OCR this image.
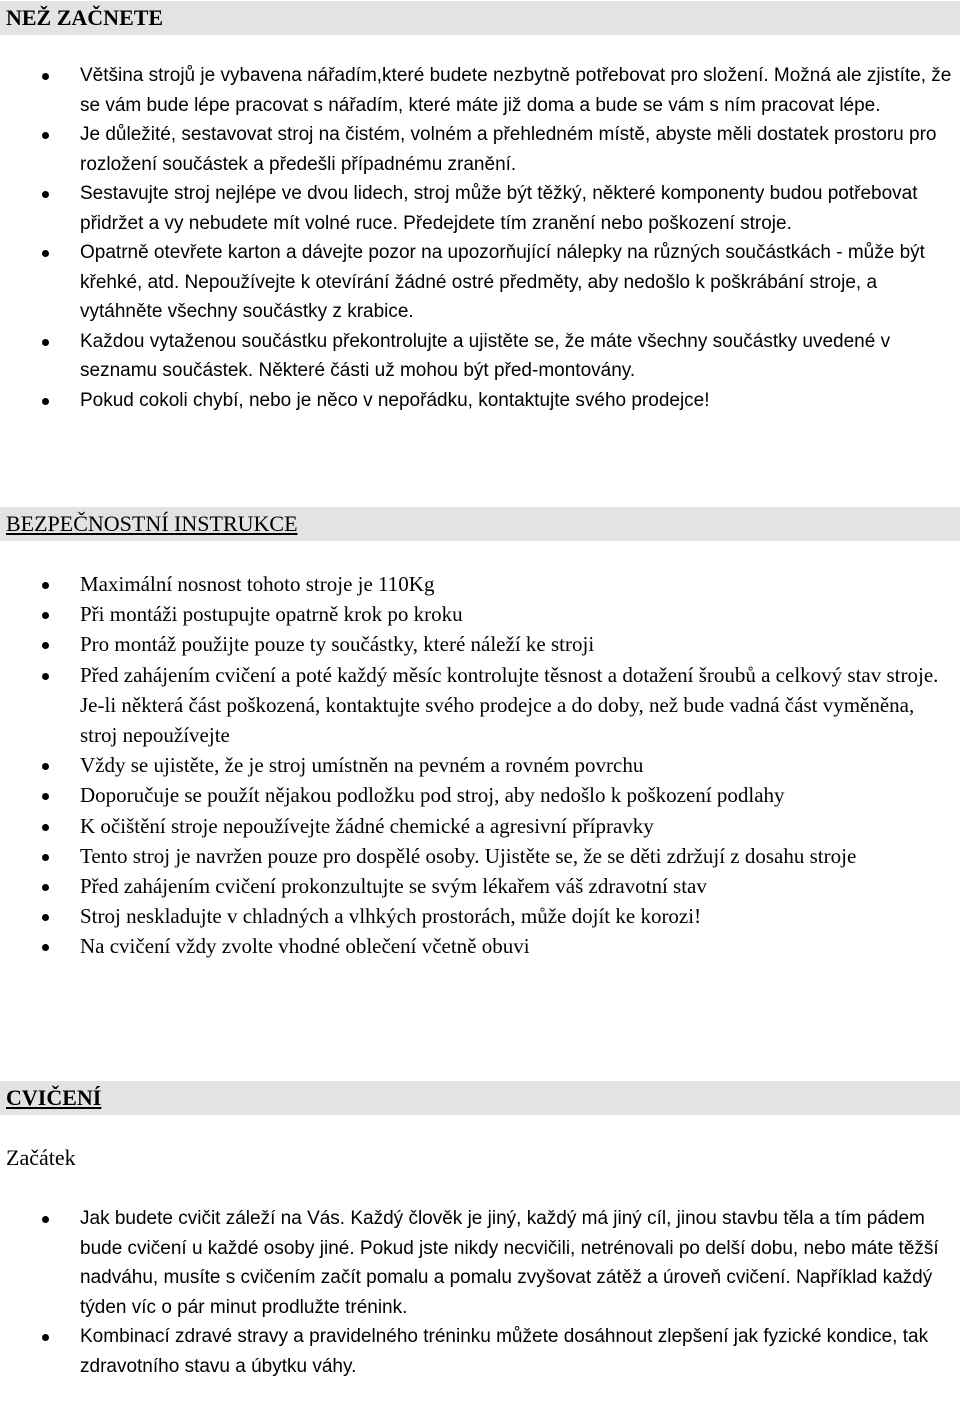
NEŽ ZAČNETE
Většina strojů je vybavena nářadím,které budete nezbytně potřebovat pro složení. Možná ale zjistíte, že se vám bude lépe pracovat s nářadím, které máte již doma a bude se vám s ním pracovat lépe.
Je důležité, sestavovat stroj na čistém, volném a přehledném místě, abyste měli dostatek prostoru pro rozložení součástek a předešli případnému zranění.
Sestavujte stroj nejlépe ve dvou lidech, stroj může být těžký, některé komponenty budou potřebovat přidržet a vy nebudete mít volné ruce. Předejdete tím zranění nebo poškození stroje.
Opatrně otevřete karton a dávejte pozor na upozorňující nálepky na různých součástkách - může být křehké, atd. Nepoužívejte k otevírání žádné ostré předměty, aby nedošlo k poškrábání stroje, a vytáhněte všechny součástky z krabice.
Každou vytaženou součástku překontrolujte a ujistěte se, že máte všechny součástky uvedené v seznamu součástek. Některé části už mohou být před-montovány.
Pokud cokoli chybí, nebo je něco v nepořádku, kontaktujte svého prodejce!
BEZPEČNOSTNÍ INSTRUKCE
Maximální nosnost tohoto stroje je 110Kg
Při montáži postupujte opatrně krok po kroku
Pro montáž použijte pouze ty součástky, které náleží ke stroji
Před zahájením cvičení a poté každý měsíc kontrolujte těsnost a dotažení šroubů a celkový stav stroje. Je-li některá část poškozená, kontaktujte svého prodejce a do doby, než bude vadná část vyměněna, stroj nepoužívejte
Vždy se ujistěte, že je stroj umístněn na pevném a rovném povrchu
Doporučuje se použít nějakou podložku pod stroj, aby nedošlo k poškození podlahy
K očištění stroje nepoužívejte žádné chemické a agresivní přípravky
Tento stroj je navržen pouze pro dospělé osoby. Ujistěte se, že se děti zdržují z dosahu stroje
Před zahájením cvičení prokonzultujte se svým lékařem váš zdravotní stav
Stroj neskladujte v chladných a vlhkých prostorách, může dojít ke korozi!
Na cvičení vždy zvolte vhodné oblečení včetně obuvi
CVIČENÍ

Začátek

Jak budete cvičit záleží na Vás. Každý člověk je jiný, každý má jiný cíl, jinou stavbu těla a tím pádem bude cvičení u každé osoby jiné. Pokud jste nikdy necvičili, netrénovali po delší dobu, nebo máte těžší nadváhu, musíte s cvičením začít pomalu a pomalu zvyšovat zátěž a úroveň cvičení. Například každý týden víc o pár minut prodlužte trénink.
Kombinací zdravé stravy a pravidelného tréninku můžete dosáhnout zlepšení jak fyzické kondice, tak zdravotního stavu a úbytku váhy.
